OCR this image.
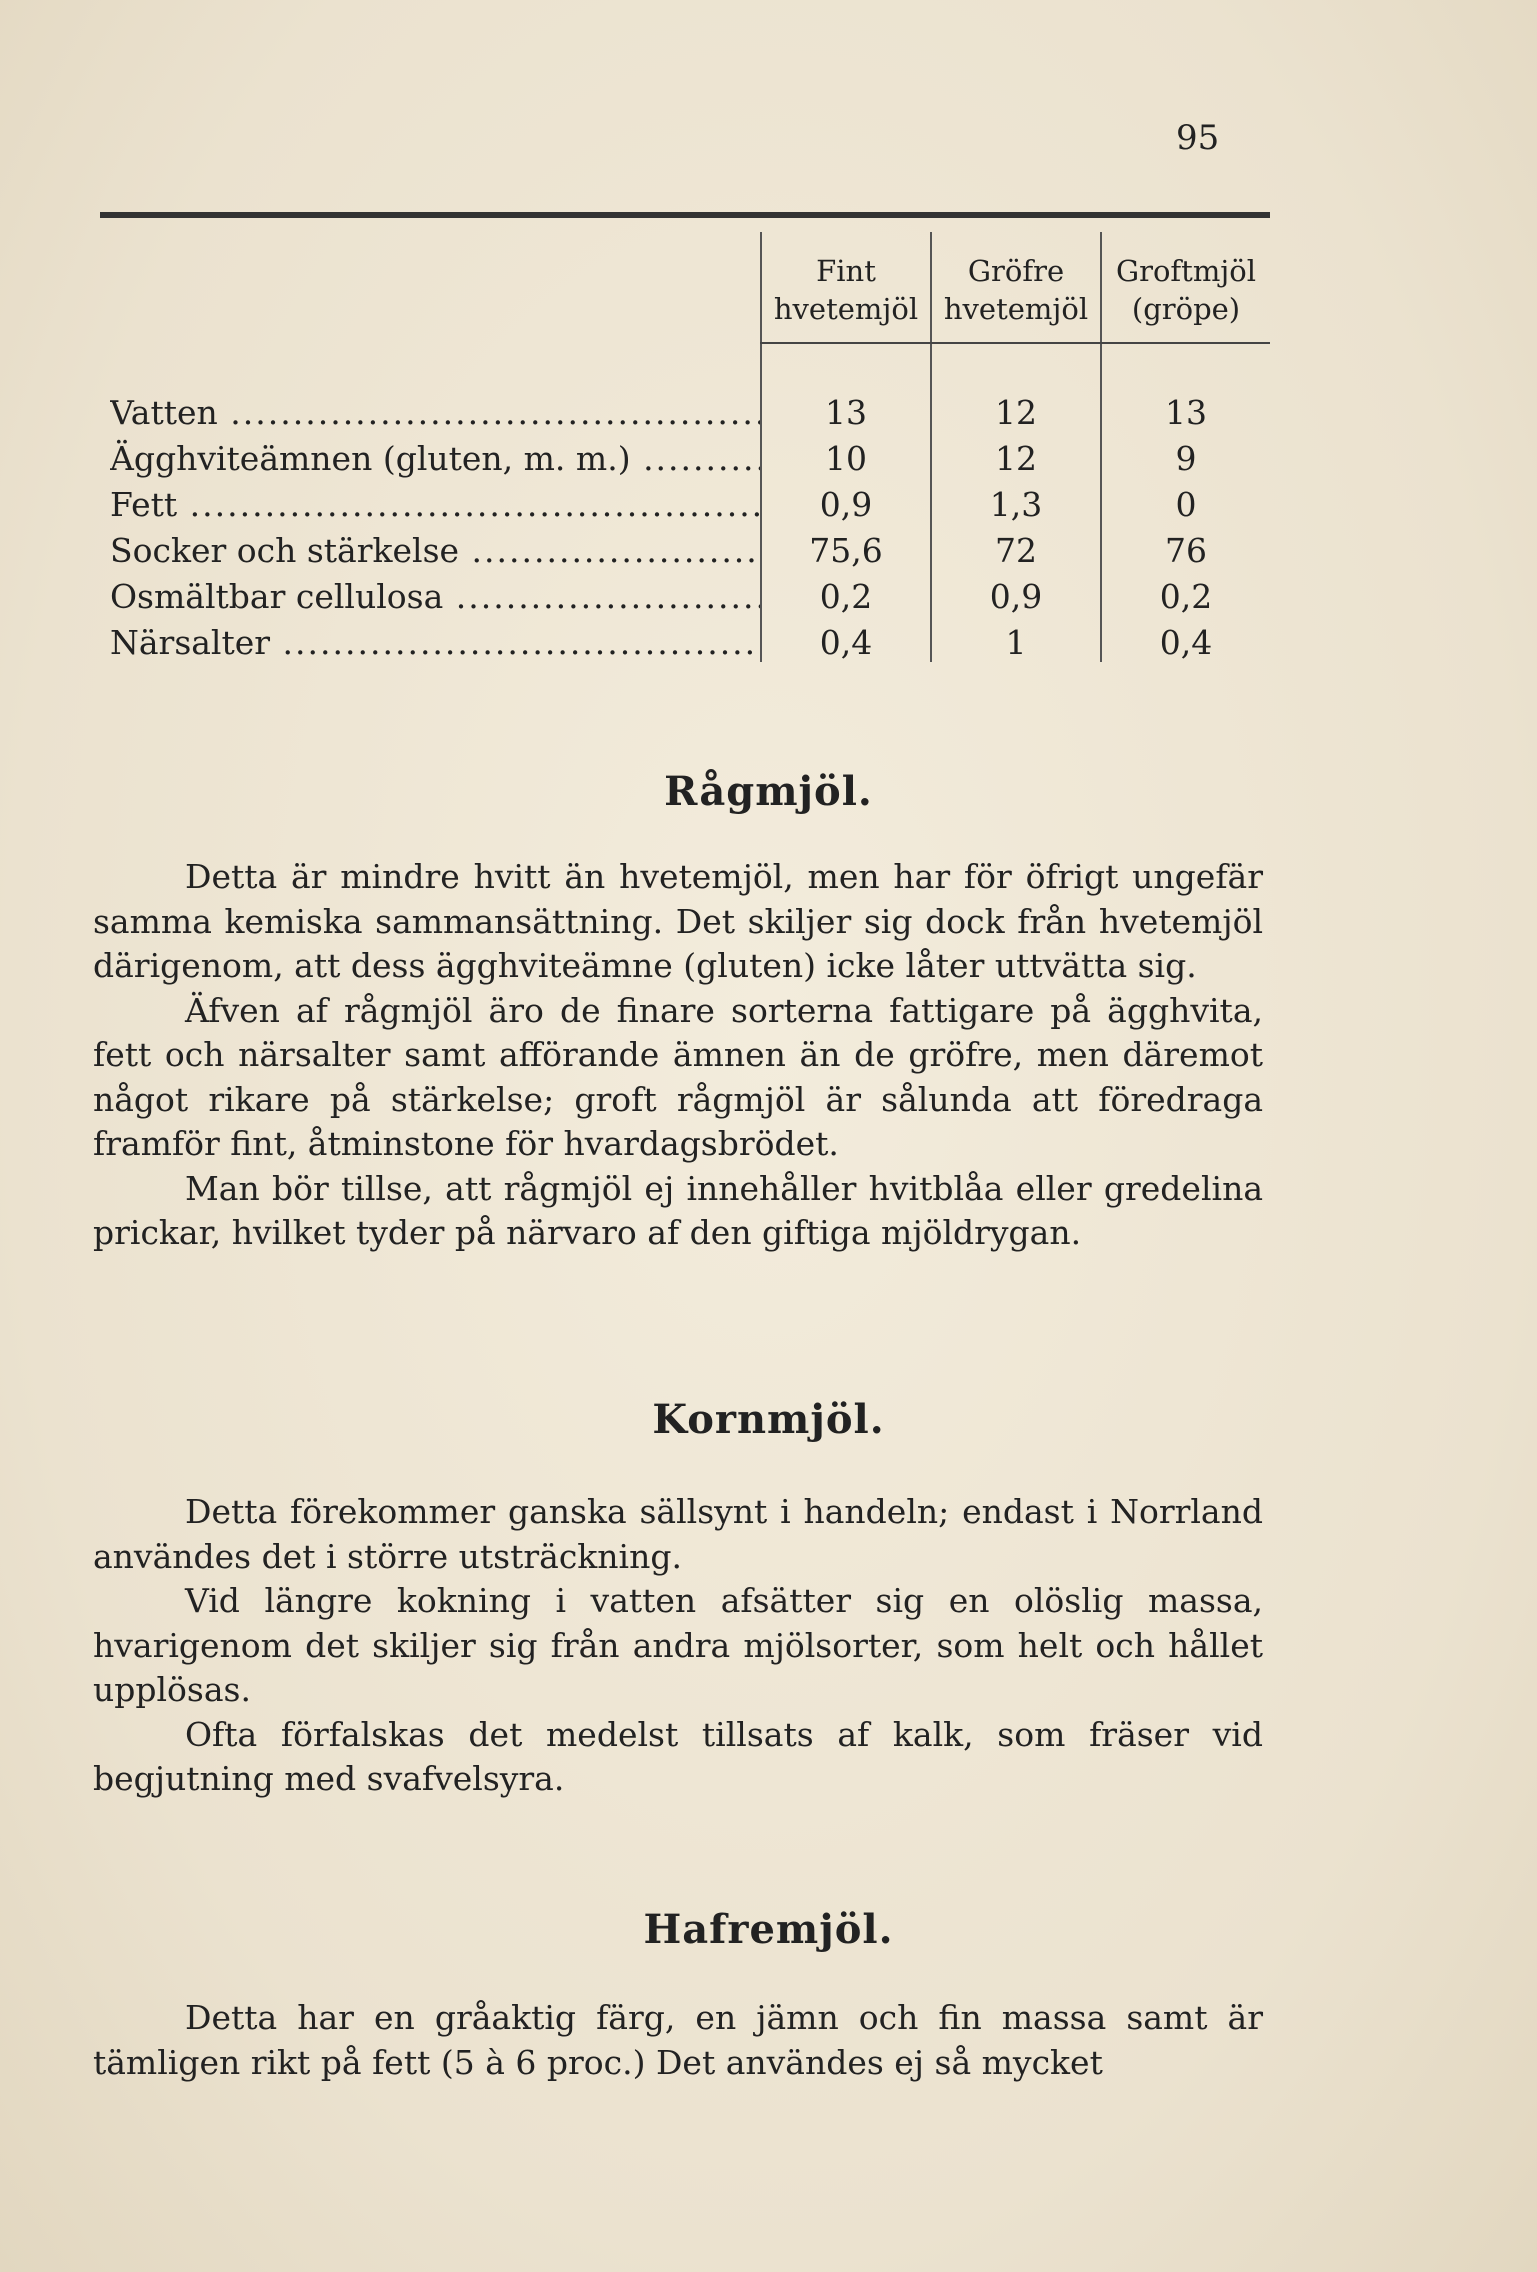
95
Fint
hvetemjöl
Gröfre
hvetemjöl
Groftmjöl
(gröpe)
Vatten .....	13	12	13
Ägghviteämnen (gluten, m. m.) .....	10	12	9
Fett .....	0,9	1,3	0
Socker och stärkelse .....	75,6	72	76
Osmältbar cellulosa .....	0,2	0,9	0,2
Närsalter .....	0,4	1	0,4
Rågmjöl.

Detta är mindre hvitt än hvetemjöl, men har för öfrigt ungefär samma kemiska sammansättning. Det skiljer sig dock från hvetemjöl därigenom, att dess ägghviteämne (gluten) icke låter uttvätta sig.

Äfven af rågmjöl äro de finare sorterna fattigare på ägghvita, fett och närsalter samt afförande ämnen än de gröfre, men däremot något rikare på stärkelse; groft rågmjöl är sålunda att föredraga framför fint, åtminstone för hvardagsbrödet.

Man bör tillse, att rågmjöl ej innehåller hvitblåa eller gredelina prickar, hvilket tyder på närvaro af den giftiga mjöldrygan.

Kornmjöl.

Detta förekommer ganska sällsynt i handeln; endast i Norrland användes det i större utsträckning.

Vid längre kokning i vatten afsätter sig en olöslig massa, hvarigenom det skiljer sig från andra mjölsorter, som helt och hållet upplösas.

Ofta förfalskas det medelst tillsats af kalk, som fräser vid begjutning med svafvelsyra.

Hafremjöl.

Detta har en gråaktig färg, en jämn och fin massa samt är tämligen rikt på fett (5 à 6 proc.) Det användes ej så mycket
